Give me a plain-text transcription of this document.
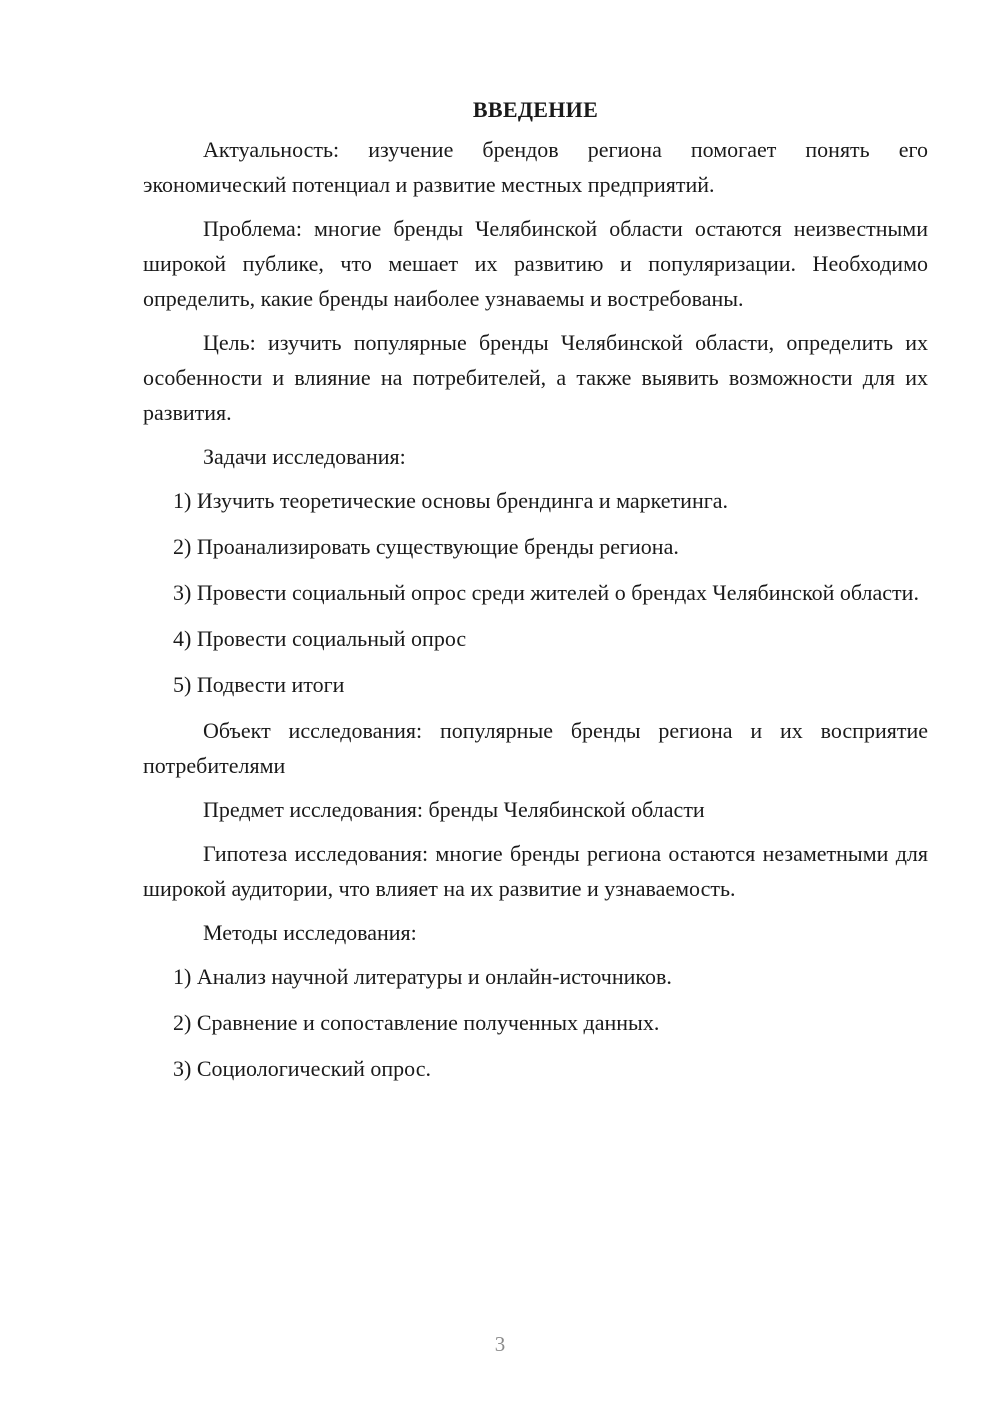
ВВЕДЕНИЕ

Актуальность: изучение брендов региона помогает понять его экономический потенциал и развитие местных предприятий.

Проблема: многие бренды Челябинской области остаются неизвестными широкой публике, что мешает их развитию и популяризации. Необходимо определить, какие бренды наиболее узнаваемы и востребованы.

Цель: изучить популярные бренды Челябинской области, определить их особенности и влияние на потребителей, а также выявить возможности для их развития.

Задачи исследования:

1) Изучить теоретические основы брендинга и маркетинга.
2) Проанализировать существующие бренды региона.
3) Провести социальный опрос среди жителей о брендах Челябинской области.
4) Провести социальный опрос
5) Подвести итоги

Объект исследования: популярные бренды региона и их восприятие потребителями

Предмет исследования: бренды Челябинской области

Гипотеза исследования: многие бренды региона остаются незаметными для широкой аудитории, что влияет на их развитие и узнаваемость.

Методы исследования:

1) Анализ научной литературы и онлайн-источников.
2) Сравнение и сопоставление полученных данных.
3) Социологический опрос.
3
